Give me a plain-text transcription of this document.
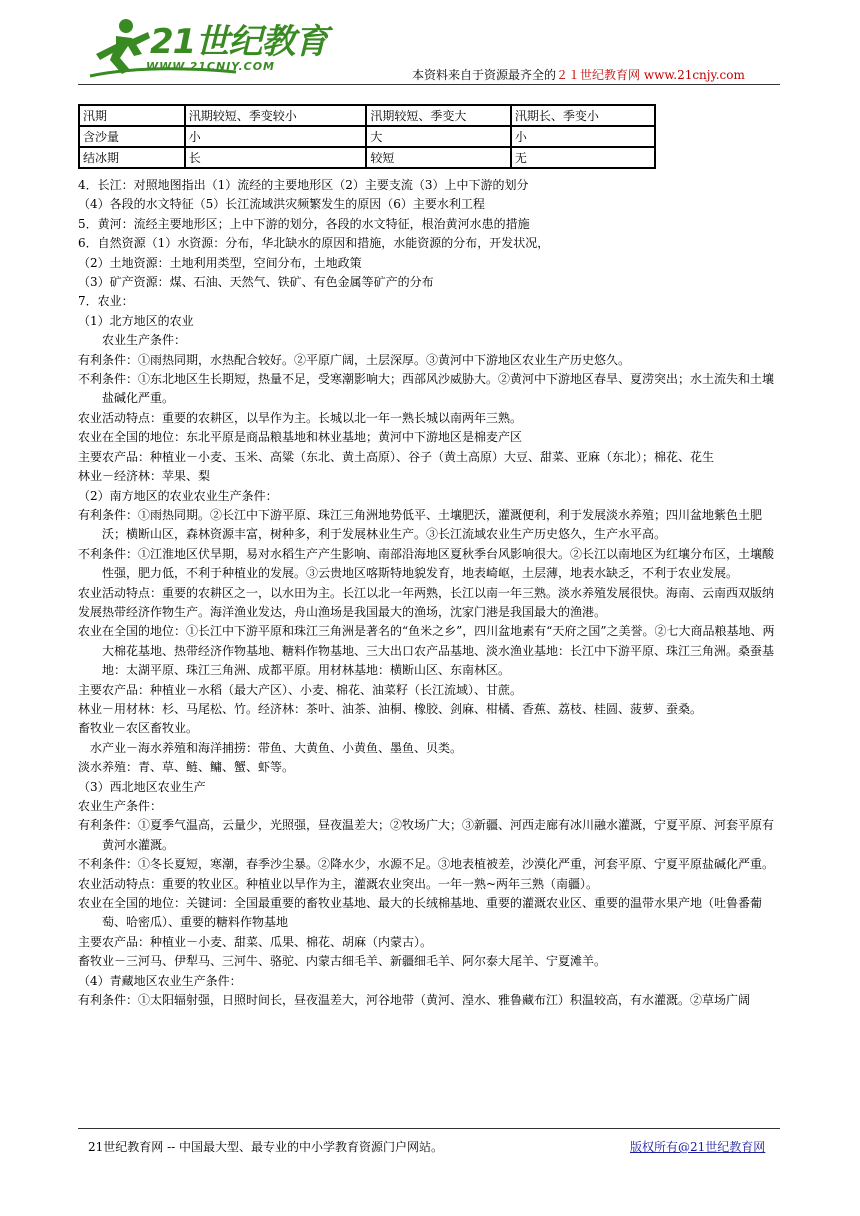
21世纪教育
WWW.21CNJY.COM
本资料来自于资源最齐全的２１世纪教育网 www.21cnjy.com
汛期	汛期较短、季变较小	汛期较短、季变大	汛期长、季变小
含沙量	小	大	小
结冰期	长	较短	无

4．长江：对照地图指出（1）流经的主要地形区（2）主要支流（3）上中下游的划分

（4）各段的水文特征（5）长江流域洪灾频繁发生的原因（6）主要水利工程

5．黄河：流经主要地形区；上中下游的划分，各段的水文特征，根治黄河水患的措施

6．自然资源（1）水资源：分布，华北缺水的原因和措施，水能资源的分布，开发状况，

（2）土地资源：土地利用类型，空间分布，土地政策

（3）矿产资源：煤、石油、天然气、铁矿、有色金属等矿产的分布

7．农业：

（1）北方地区的农业

农业生产条件：

有利条件：①雨热同期，水热配合较好。②平原广阔，土层深厚。③黄河中下游地区农业生产历史悠久。

不利条件：①东北地区生长期短，热量不足，受寒潮影响大；西部风沙威胁大。②黄河中下游地区春旱、夏涝突出；水土流失和土壤盐碱化严重。

农业活动特点：重要的农耕区，以旱作为主。长城以北一年一熟长城以南两年三熟。

农业在全国的地位：东北平原是商品粮基地和林业基地；黄河中下游地区是棉麦产区

主要农产品：种植业－小麦、玉米、高粱（东北、黄土高原）、谷子（黄土高原）大豆、甜菜、亚麻（东北）；棉花、花生

林业－经济林：苹果、梨

（2）南方地区的农业农业生产条件：

有利条件：①雨热同期。②长江中下游平原、珠江三角洲地势低平、土壤肥沃，灌溉便利，利于发展淡水养殖；四川盆地紫色土肥沃；横断山区，森林资源丰富，树种多，利于发展林业生产。③长江流域农业生产历史悠久，生产水平高。

不利条件：①江淮地区伏旱期，易对水稻生产产生影响、南部沿海地区夏秋季台风影响很大。②长江以南地区为红壤分布区，土壤酸性强，肥力低，不利于种植业的发展。③云贵地区喀斯特地貌发育，地表崎岖，土层薄，地表水缺乏，不利于农业发展。

农业活动特点：重要的农耕区之一，以水田为主。长江以北一年两熟，长江以南一年三熟。淡水养殖发展很快。海南、云南西双版纳发展热带经济作物生产。海洋渔业发达，舟山渔场是我国最大的渔场，沈家门港是我国最大的渔港。

农业在全国的地位：①长江中下游平原和珠江三角洲是著名的“鱼米之乡”，四川盆地素有“天府之国”之美誉。②七大商品粮基地、两大棉花基地、热带经济作物基地、糖料作物基地、三大出口农产品基地、淡水渔业基地：长江中下游平原、珠江三角洲。桑蚕基地：太湖平原、珠江三角洲、成都平原。用材林基地：横断山区、东南林区。

主要农产品：种植业－水稻（最大产区）、小麦、棉花、油菜籽（长江流域）、甘蔗。

林业－用材林：杉、马尾松、竹。经济林：茶叶、油茶、油桐、橡胶、剑麻、柑橘、香蕉、荔枝、桂圆、菠萝、蚕桑。

畜牧业－农区畜牧业。

水产业－海水养殖和海洋捕捞：带鱼、大黄鱼、小黄鱼、墨鱼、贝类。

淡水养殖：青、草、鲢、鳙、蟹、虾等。

（3）西北地区农业生产

农业生产条件：

有利条件：①夏季气温高，云量少，光照强，昼夜温差大；②牧场广大；③新疆、河西走廊有冰川融水灌溉，宁夏平原、河套平原有黄河水灌溉。

不利条件：①冬长夏短，寒潮，春季沙尘暴。②降水少，水源不足。③地表植被差，沙漠化严重，河套平原、宁夏平原盐碱化严重。

农业活动特点：重要的牧业区。种植业以旱作为主，灌溉农业突出。一年一熟~两年三熟（南疆）。

农业在全国的地位：关键词：全国最重要的畜牧业基地、最大的长绒棉基地、重要的灌溉农业区、重要的温带水果产地（吐鲁番葡萄、哈密瓜）、重要的糖料作物基地

主要农产品：种植业－小麦、甜菜、瓜果、棉花、胡麻（内蒙古）。

畜牧业－三河马、伊犁马、三河牛、骆驼、内蒙古细毛羊、新疆细毛羊、阿尔泰大尾羊、宁夏滩羊。

（4）青藏地区农业生产条件：

有利条件：①太阳辐射强，日照时间长，昼夜温差大，河谷地带（黄河、湟水、雅鲁藏布江）积温较高，有水灌溉。②草场广阔

21世纪教育网 -- 中国最大型、最专业的中小学教育资源门户网站。	版权所有@21世纪教育网
